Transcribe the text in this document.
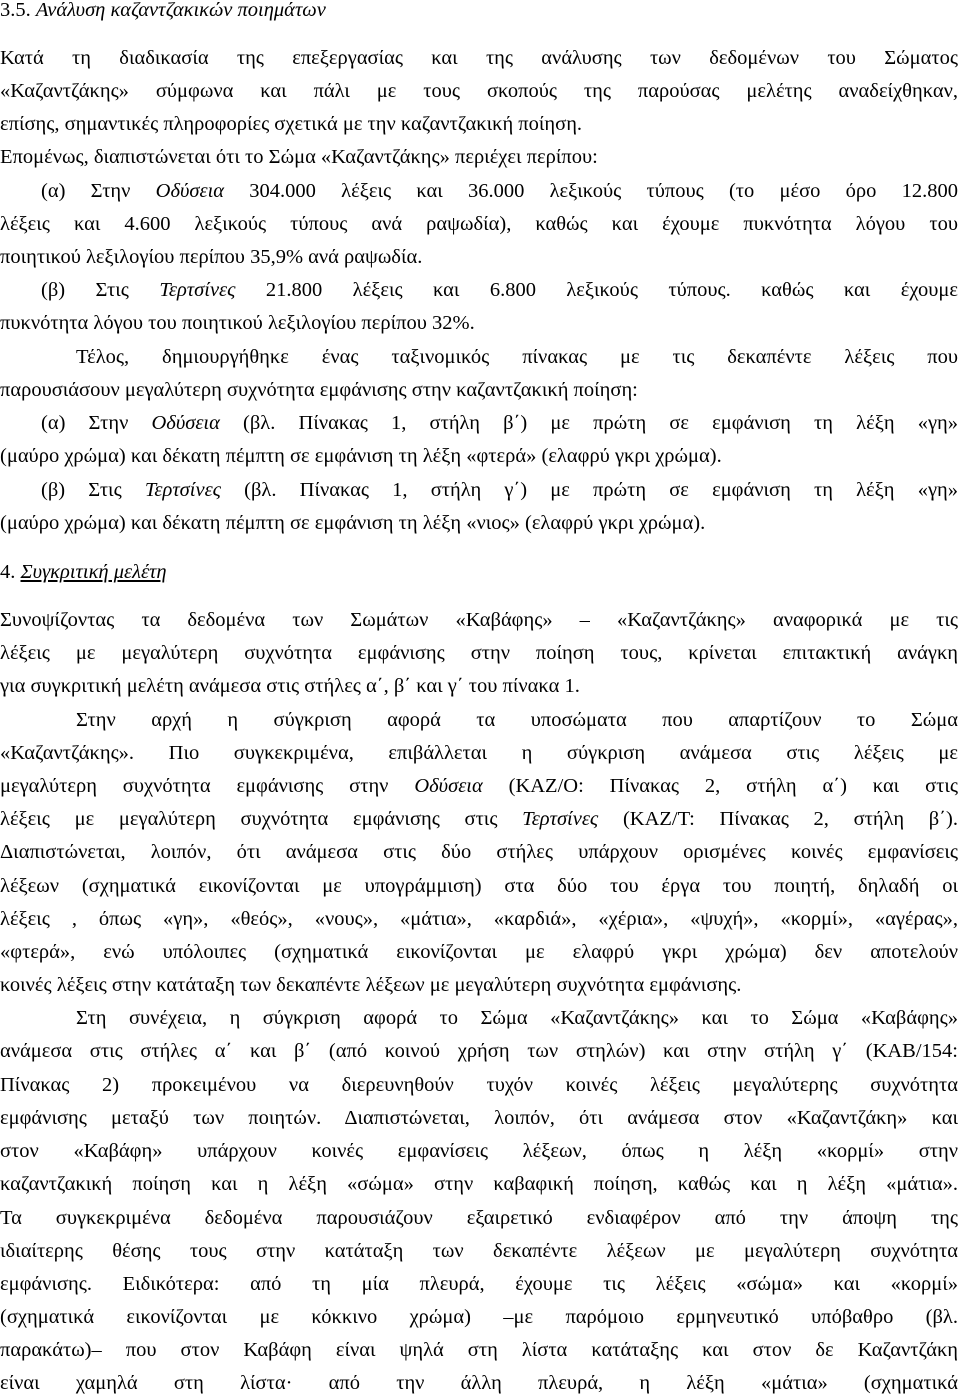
3.5. Ανάλυση καζαντζακικών ποιημάτων
Κατά τη διαδικασία της επεξεργασίας και της ανάλυσης των δεδομένων του Σώματος
«Καζαντζάκης» σύμφωνα και πάλι με τους σκοπούς της παρούσας μελέτης αναδείχθηκαν,
επίσης, σημαντικές πληροφορίες σχετικά με την καζαντζακική ποίηση.
Επομένως, διαπιστώνεται ότι το Σώμα «Καζαντζάκης» περιέχει περίπου:
(α) Στην Οδύσεια 304.000 λέξεις και 36.000 λεξικούς τύπους (το μέσο όρο 12.800
λέξεις και 4.600 λεξικούς τύπους ανά ραψωδία), καθώς και έχουμε πυκνότητα λόγου του
ποιητικού λεξιλογίου περίπου 35,9% ανά ραψωδία.
(β) Στις Τερτσίνες 21.800 λέξεις και 6.800 λεξικούς τύπους. καθώς και έχουμε
πυκνότητα λόγου του ποιητικού λεξιλογίου περίπου 32%.
Τέλος, δημιουργήθηκε ένας ταξινομικός πίνακας με τις δεκαπέντε λέξεις που
παρουσιάσουν μεγαλύτερη συχνότητα εμφάνισης στην καζαντζακική ποίηση:
(α) Στην Οδύσεια (βλ. Πίνακας 1, στήλη β΄) με πρώτη σε εμφάνιση τη λέξη «γη»
(μαύρο χρώμα) και δέκατη πέμπτη σε εμφάνιση τη λέξη «φτερά» (ελαφρύ γκρι χρώμα).
(β) Στις Τερτσίνες (βλ. Πίνακας 1, στήλη γ΄) με πρώτη σε εμφάνιση τη λέξη «γη»
(μαύρο χρώμα) και δέκατη πέμπτη σε εμφάνιση τη λέξη «νιος» (ελαφρύ γκρι χρώμα).
4. Συγκριτική μελέτη
Συνοψίζοντας τα δεδομένα των Σωμάτων «Καβάφης» – «Καζαντζάκης» αναφορικά με τις
λέξεις με μεγαλύτερη συχνότητα εμφάνισης στην ποίηση τους, κρίνεται επιτακτική ανάγκη
για συγκριτική μελέτη ανάμεσα στις στήλες α΄, β΄ και γ΄ του πίνακα 1.
Στην αρχή η σύγκριση αφορά τα υποσώματα που απαρτίζουν το Σώμα
«Καζαντζάκης». Πιο συγκεκριμένα, επιβάλλεται η σύγκριση ανάμεσα στις λέξεις με
μεγαλύτερη συχνότητα εμφάνισης στην Οδύσεια (KAZ/O: Πίνακας 2, στήλη α΄) και στις
λέξεις με μεγαλύτερη συχνότητα εμφάνισης στις Τερτσίνες (KAZ/T: Πίνακας 2, στήλη β΄).
Διαπιστώνεται, λοιπόν, ότι ανάμεσα στις δύο στήλες υπάρχουν ορισμένες κοινές εμφανίσεις
λέξεων (σχηματικά εικονίζονται με υπογράμμιση) στα δύο του έργα του ποιητή, δηλαδή οι
λέξεις , όπως «γη», «θεός», «νους», «μάτια», «καρδιά», «χέρια», «ψυχή», «κορμί», «αγέρας»,
«φτερά», ενώ υπόλοιπες (σχηματικά εικονίζονται με ελαφρύ γκρι χρώμα) δεν αποτελούν
κοινές λέξεις στην κατάταξη των δεκαπέντε λέξεων με μεγαλύτερη συχνότητα εμφάνισης.
Στη συνέχεια, η σύγκριση αφορά το Σώμα «Καζαντζάκης» και το Σώμα «Καβάφης»
ανάμεσα στις στήλες α΄ και β΄ (από κοινού χρήση των στηλών) και στην στήλη γ΄ (KAB/154:
Πίνακας 2) προκειμένου να διερευνηθούν τυχόν κοινές λέξεις μεγαλύτερης συχνότητα
εμφάνισης μεταξύ των ποιητών. Διαπιστώνεται, λοιπόν, ότι ανάμεσα στον «Καζαντζάκη» και
στον «Καβάφη» υπάρχουν κοινές εμφανίσεις λέξεων, όπως η λέξη «κορμί» στην
καζαντζακική ποίηση και η λέξη «σώμα» στην καβαφική ποίηση, καθώς και η λέξη «μάτια».
Τα συγκεκριμένα δεδομένα παρουσιάζουν εξαιρετικό ενδιαφέρον από την άποψη της
ιδιαίτερης θέσης τους στην κατάταξη των δεκαπέντε λέξεων με μεγαλύτερη συχνότητα
εμφάνισης. Ειδικότερα: από τη μία πλευρά, έχουμε τις λέξεις «σώμα» και «κορμί»
(σχηματικά εικονίζονται με κόκκινο χρώμα) –με παρόμοιο ερμηνευτικό υπόβαθρο (βλ.
παρακάτω)– που στον Καβάφη είναι ψηλά στη λίστα κατάταξης και στον δε Καζαντζάκη
είναι χαμηλά στη λίστα· από την άλλη πλευρά, η λέξη «μάτια» (σχηματικά
